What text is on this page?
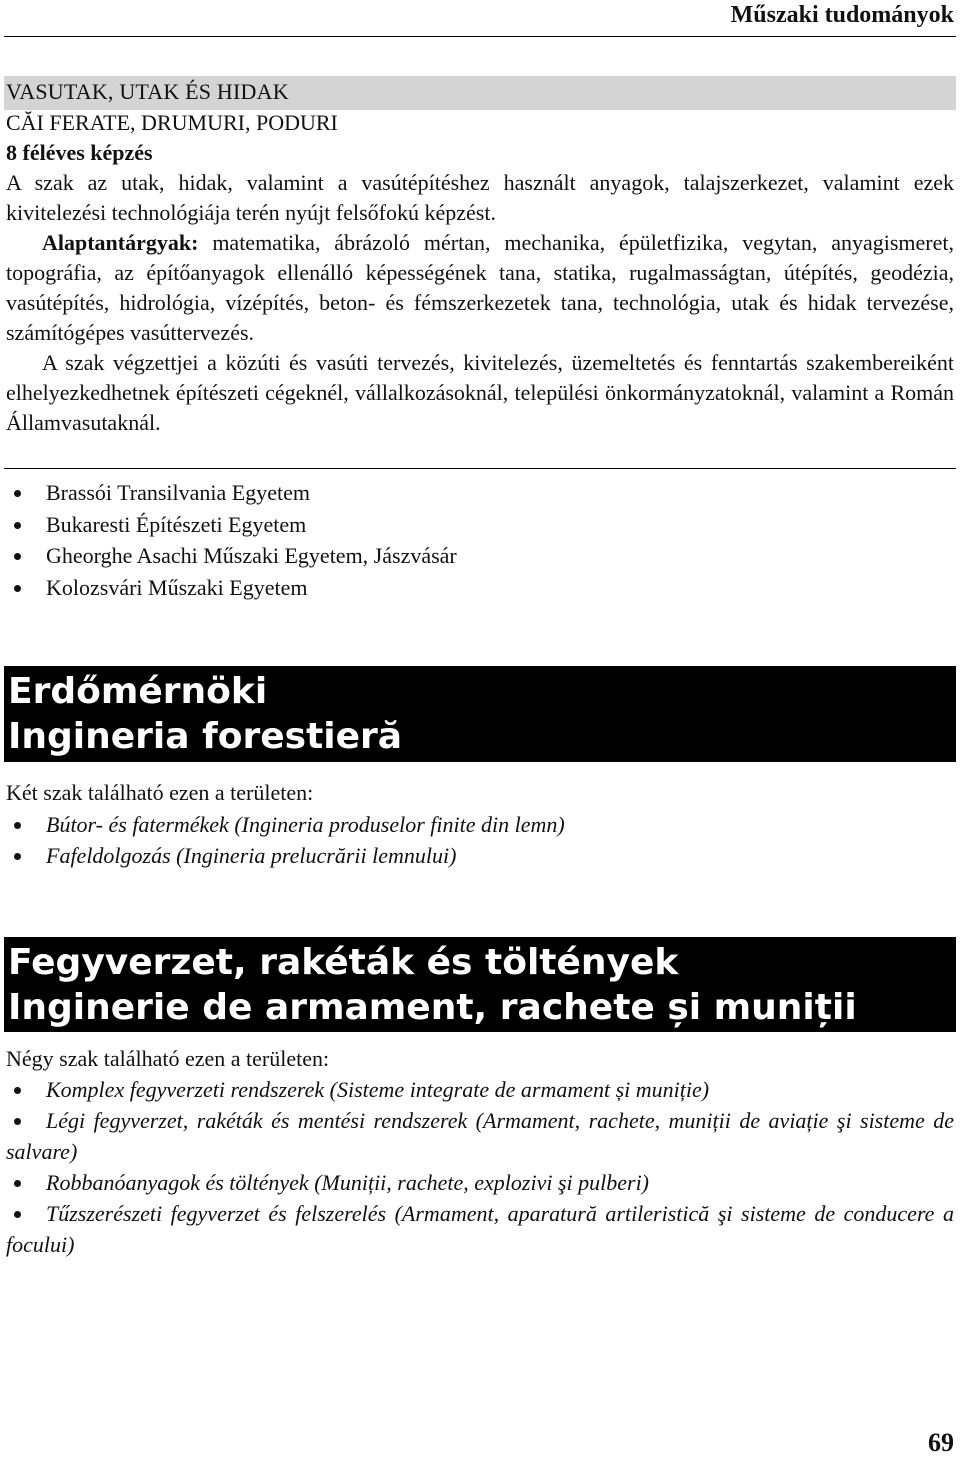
Műszaki tudományok
VASUTAK, UTAK ÉS HIDAK
CĂI FERATE, DRUMURI, PODURI
8 féléves képzés

A szak az utak, hidak, valamint a vasútépítéshez használt anyagok, talajszerkezet, valamint ezek kivitelezési technológiája terén nyújt felsőfokú képzést.

Alaptantárgyak: matematika, ábrázoló mértan, mechanika, épületfizika, vegytan, anyagismeret, topográfia, az építőanyagok ellenálló képességének tana, statika, rugalmasságtan, útépítés, geodézia, vasútépítés, hidrológia, vízépítés, beton- és fémszerkezetek tana, technológia, utak és hidak tervezése, számítógépes vasúttervezés.

A szak végzettjei a közúti és vasúti tervezés, kivitelezés, üzemeltetés és fenntartás szakembereiként elhelyezkedhetnek építészeti cégeknél, vállalkozásoknál, települési önkormányzatoknál, valamint a Román Államvasutaknál.

Brassói Transilvania Egyetem
Bukaresti Építészeti Egyetem
Gheorghe Asachi Műszaki Egyetem, Jászvásár
Kolozsvári Műszaki Egyetem
Erdőmérnöki
Ingineria forestieră
Két szak található ezen a területen:
Bútor- és fatermékek (Ingineria produselor finite din lemn)
Fafeldolgozás (Ingineria prelucrării lemnului)
Fegyverzet, rakéták és töltények
Inginerie de armament, rachete și muniții
Négy szak található ezen a területen:
Komplex fegyverzeti rendszerek (Sisteme integrate de armament și muniție)
Légi fegyverzet, rakéták és mentési rendszerek (Armament, rachete, muniții de aviație şi sisteme de salvare)
Robbanóanyagok és töltények (Muniții, rachete, explozivi şi pulberi)
Tűzszerészeti fegyverzet és felszerelés (Armament, aparatură artileristică şi sisteme de conducere a focului)
69
